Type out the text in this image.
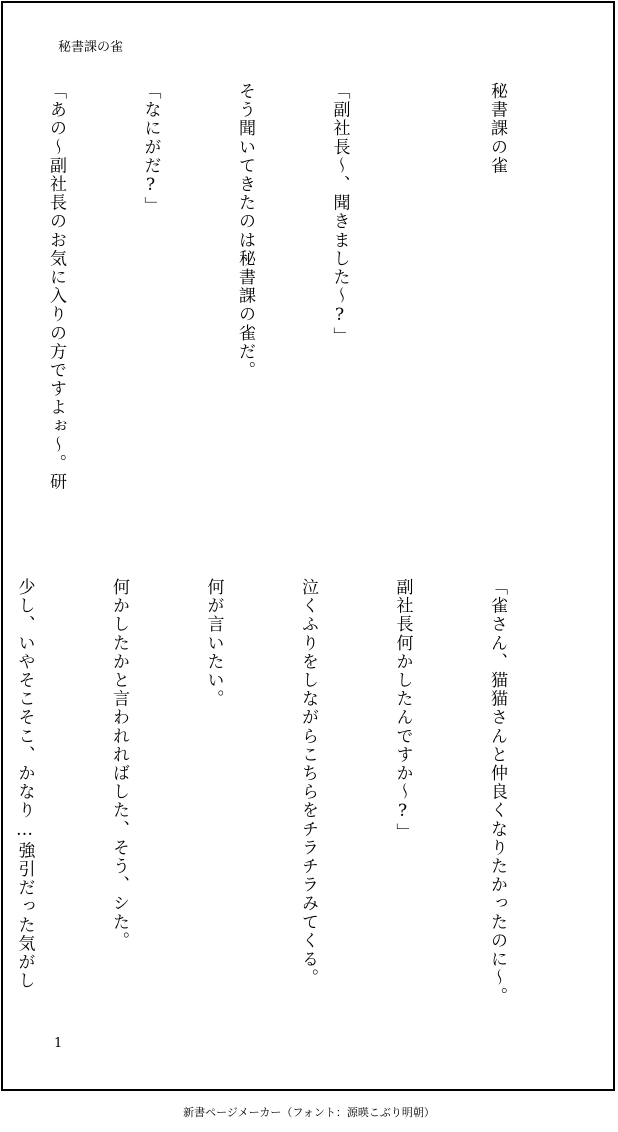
秘書課の雀

秘書課の雀

「副社長〜、聞きました〜?」

そう聞いてきたのは秘書課の雀だ。

「なにがだ?」

「あの〜副社長のお気に入りの方ですよぉ〜。研

「雀さん、猫猫さんと仲良くなりたかったのに〜。

副社長何かしたんですか〜?」

泣くふりをしながらこちらをチラチラみてくる。

何が言いたい。

何かしたかと言われればした、そう、シた。

少し、いやそこそこ、かなり…強引だった気がし

1
新書ページメーカー（フォント：源暎こぶり明朝）
